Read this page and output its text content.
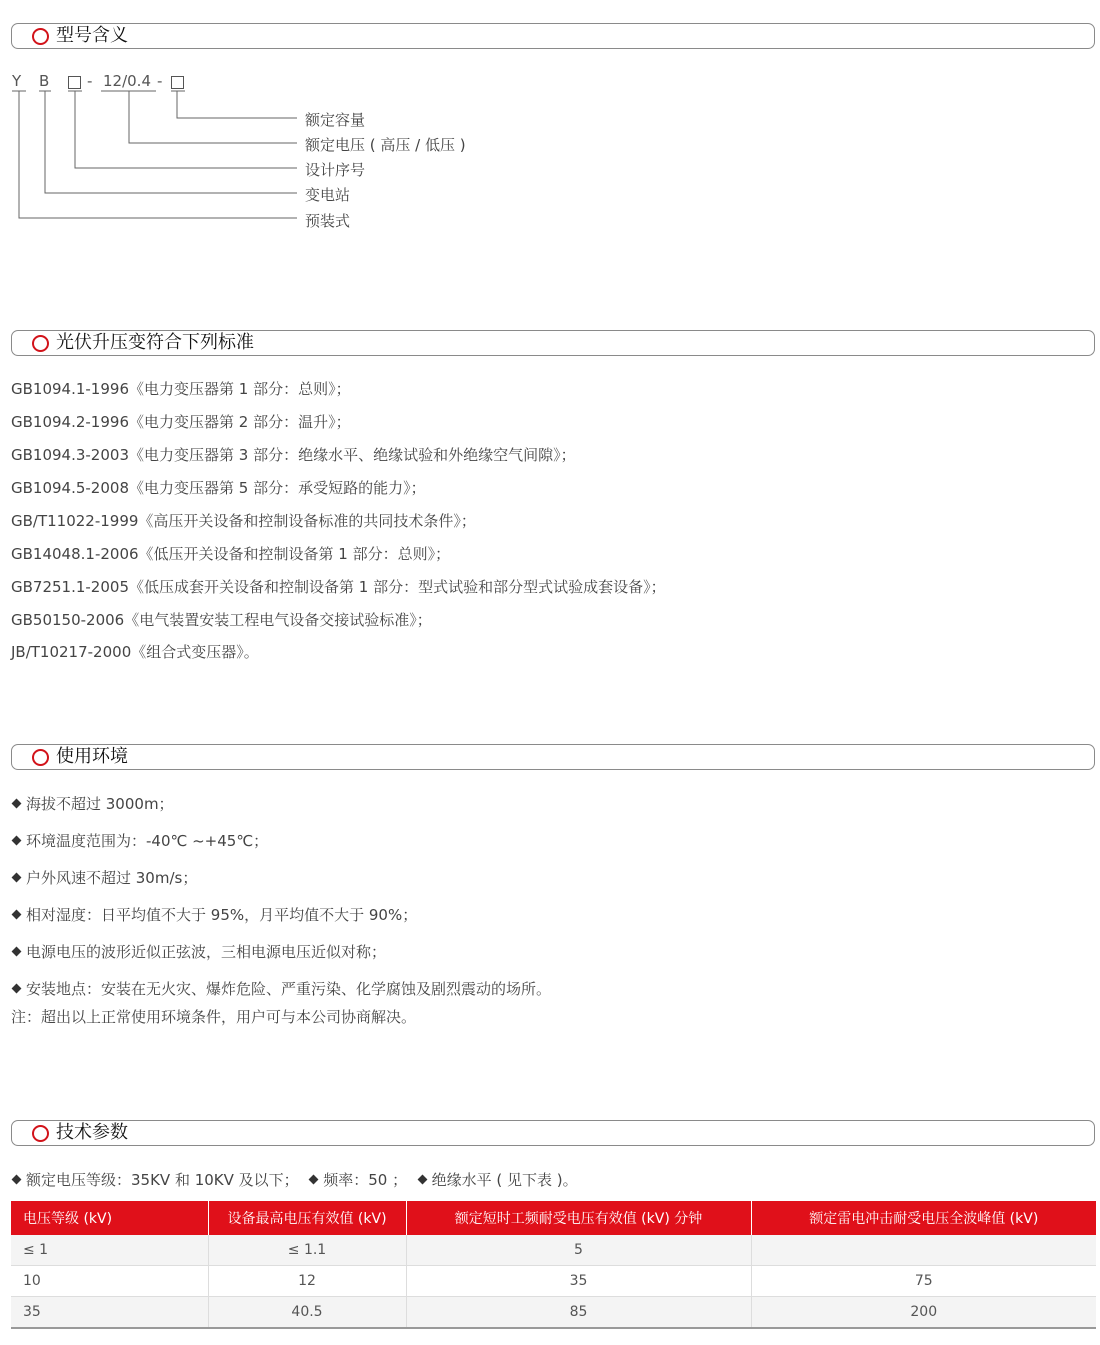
型号含义
Y B	- 12/0.4 -
额定容量
额定电压 ( 高压 / 低压 )
设计序号
变电站
预装式
光伏升压变符合下列标准
GB1094.1-1996《电力变压器第 1 部分：总则》；
GB1094.2-1996《电力变压器第 2 部分：温升》；
GB1094.3-2003《电力变压器第 3 部分：绝缘水平、绝缘试验和外绝缘空气间隙》；
GB1094.5-2008《电力变压器第 5 部分：承受短路的能力》；
GB/T11022-1999《高压开关设备和控制设备标准的共同技术条件》；
GB14048.1-2006《低压开关设备和控制设备第 1 部分：总则》；
GB7251.1-2005《低压成套开关设备和控制设备第 1 部分：型式试验和部分型式试验成套设备》；
GB50150-2006《电气装置安装工程电气设备交接试验标准》；
JB/T10217-2000《组合式变压器》。
使用环境
海拔不超过 3000m；
环境温度范围为：-40℃ ~+45℃；
户外风速不超过 30m/s；
相对湿度：日平均值不大于 95%，月平均值不大于 90%；
电源电压的波形近似正弦波，三相电源电压近似对称；
安装地点：安装在无火灾、爆炸危险、严重污染、化学腐蚀及剧烈震动的场所。
注：超出以上正常使用环境条件，用户可与本公司协商解决。
技术参数
额定电压等级：35KV 和 10KV 及以下； 频率：50 ； 绝缘水平 ( 见下表 )。
电压等级 (kV)	设备最高电压有效值 (kV)	额定短时工频耐受电压有效值 (kV) 分钟	额定雷电冲击耐受电压全波峰值 (kV)
≤ 1	≤ 1.1	5	
10	12	35	75
35	40.5	85	200
